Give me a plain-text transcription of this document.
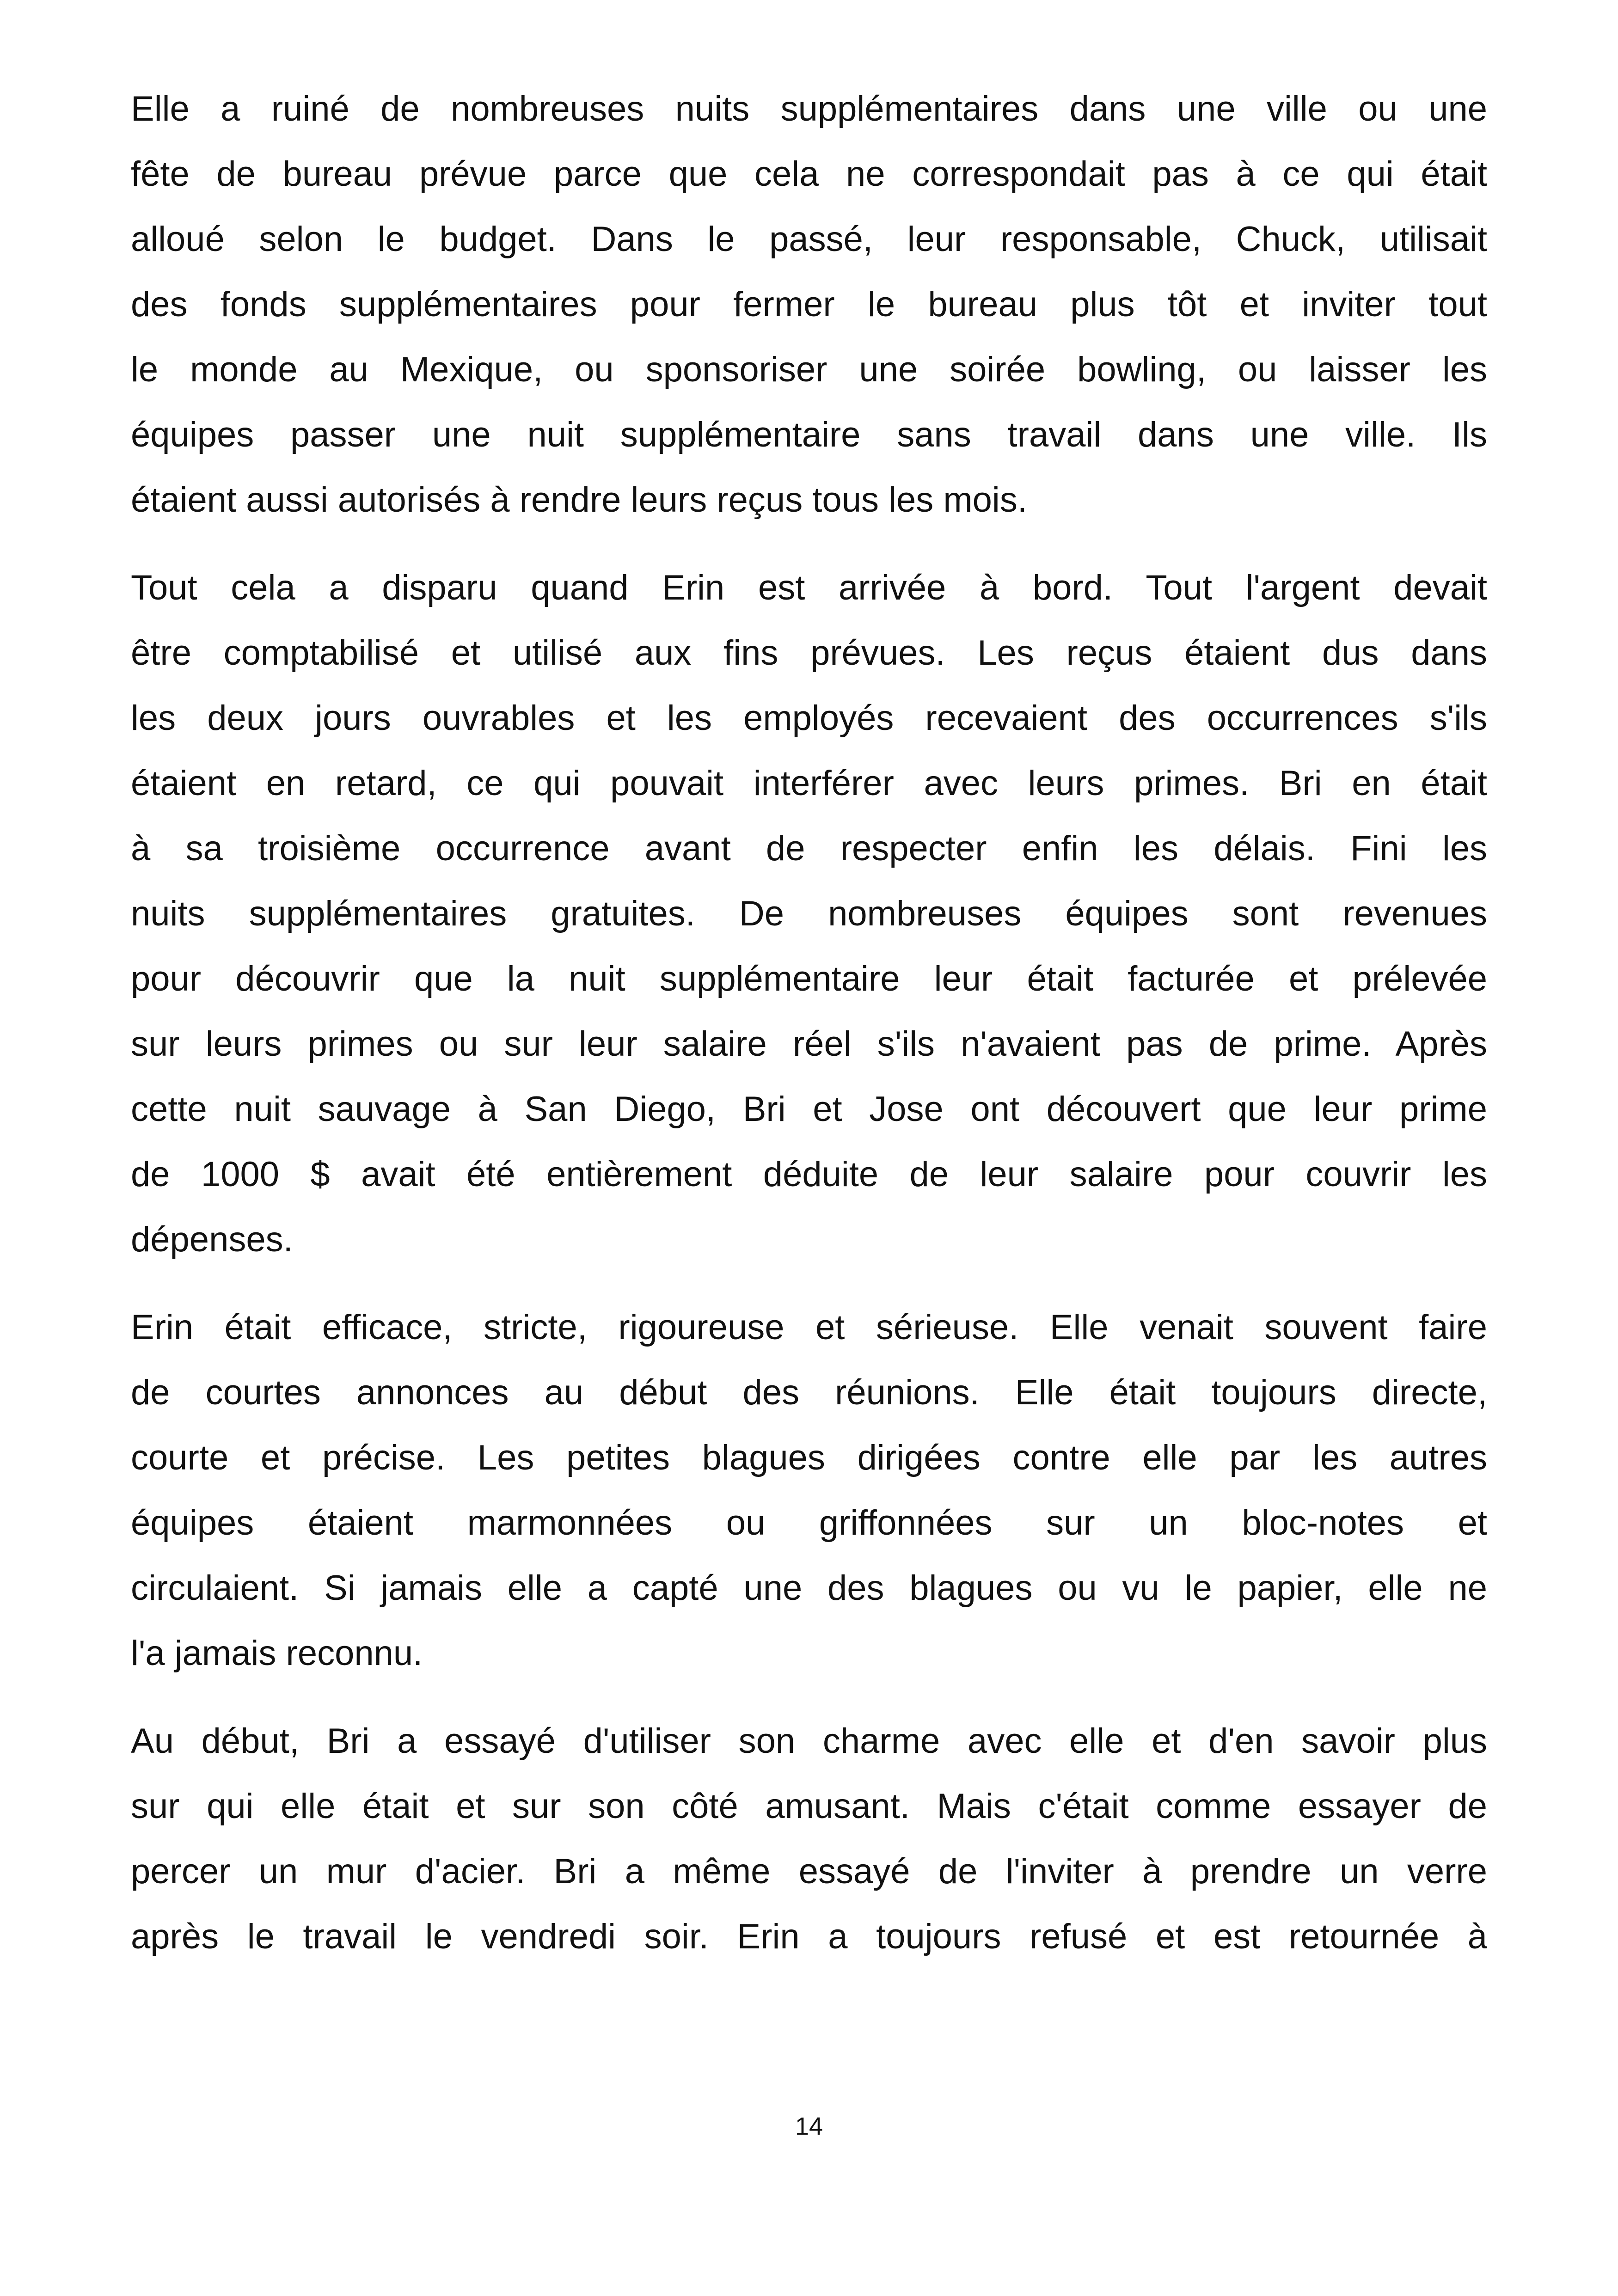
Elle a ruiné de nombreuses nuits supplémentaires dans une ville ou une
fête de bureau prévue parce que cela ne correspondait pas à ce qui était
alloué selon le budget. Dans le passé, leur responsable, Chuck, utilisait
des fonds supplémentaires pour fermer le bureau plus tôt et inviter tout
le monde au Mexique, ou sponsoriser une soirée bowling, ou laisser les
équipes passer une nuit supplémentaire sans travail dans une ville. Ils
étaient aussi autorisés à rendre leurs reçus tous les mois.

Tout cela a disparu quand Erin est arrivée à bord. Tout l'argent devait
être comptabilisé et utilisé aux fins prévues. Les reçus étaient dus dans
les deux jours ouvrables et les employés recevaient des occurrences s'ils
étaient en retard, ce qui pouvait interférer avec leurs primes. Bri en était
à sa troisième occurrence avant de respecter enfin les délais. Fini les
nuits supplémentaires gratuites. De nombreuses équipes sont revenues
pour découvrir que la nuit supplémentaire leur était facturée et prélevée
sur leurs primes ou sur leur salaire réel s'ils n'avaient pas de prime. Après
cette nuit sauvage à San Diego, Bri et Jose ont découvert que leur prime
de 1000 $ avait été entièrement déduite de leur salaire pour couvrir les
dépenses.

Erin était efficace, stricte, rigoureuse et sérieuse. Elle venait souvent faire
de courtes annonces au début des réunions. Elle était toujours directe,
courte et précise. Les petites blagues dirigées contre elle par les autres
équipes étaient marmonnées ou griffonnées sur un bloc-notes et
circulaient. Si jamais elle a capté une des blagues ou vu le papier, elle ne
l'a jamais reconnu.

Au début, Bri a essayé d'utiliser son charme avec elle et d'en savoir plus
sur qui elle était et sur son côté amusant. Mais c'était comme essayer de
percer un mur d'acier. Bri a même essayé de l'inviter à prendre un verre
après le travail le vendredi soir. Erin a toujours refusé et est retournée à

14
